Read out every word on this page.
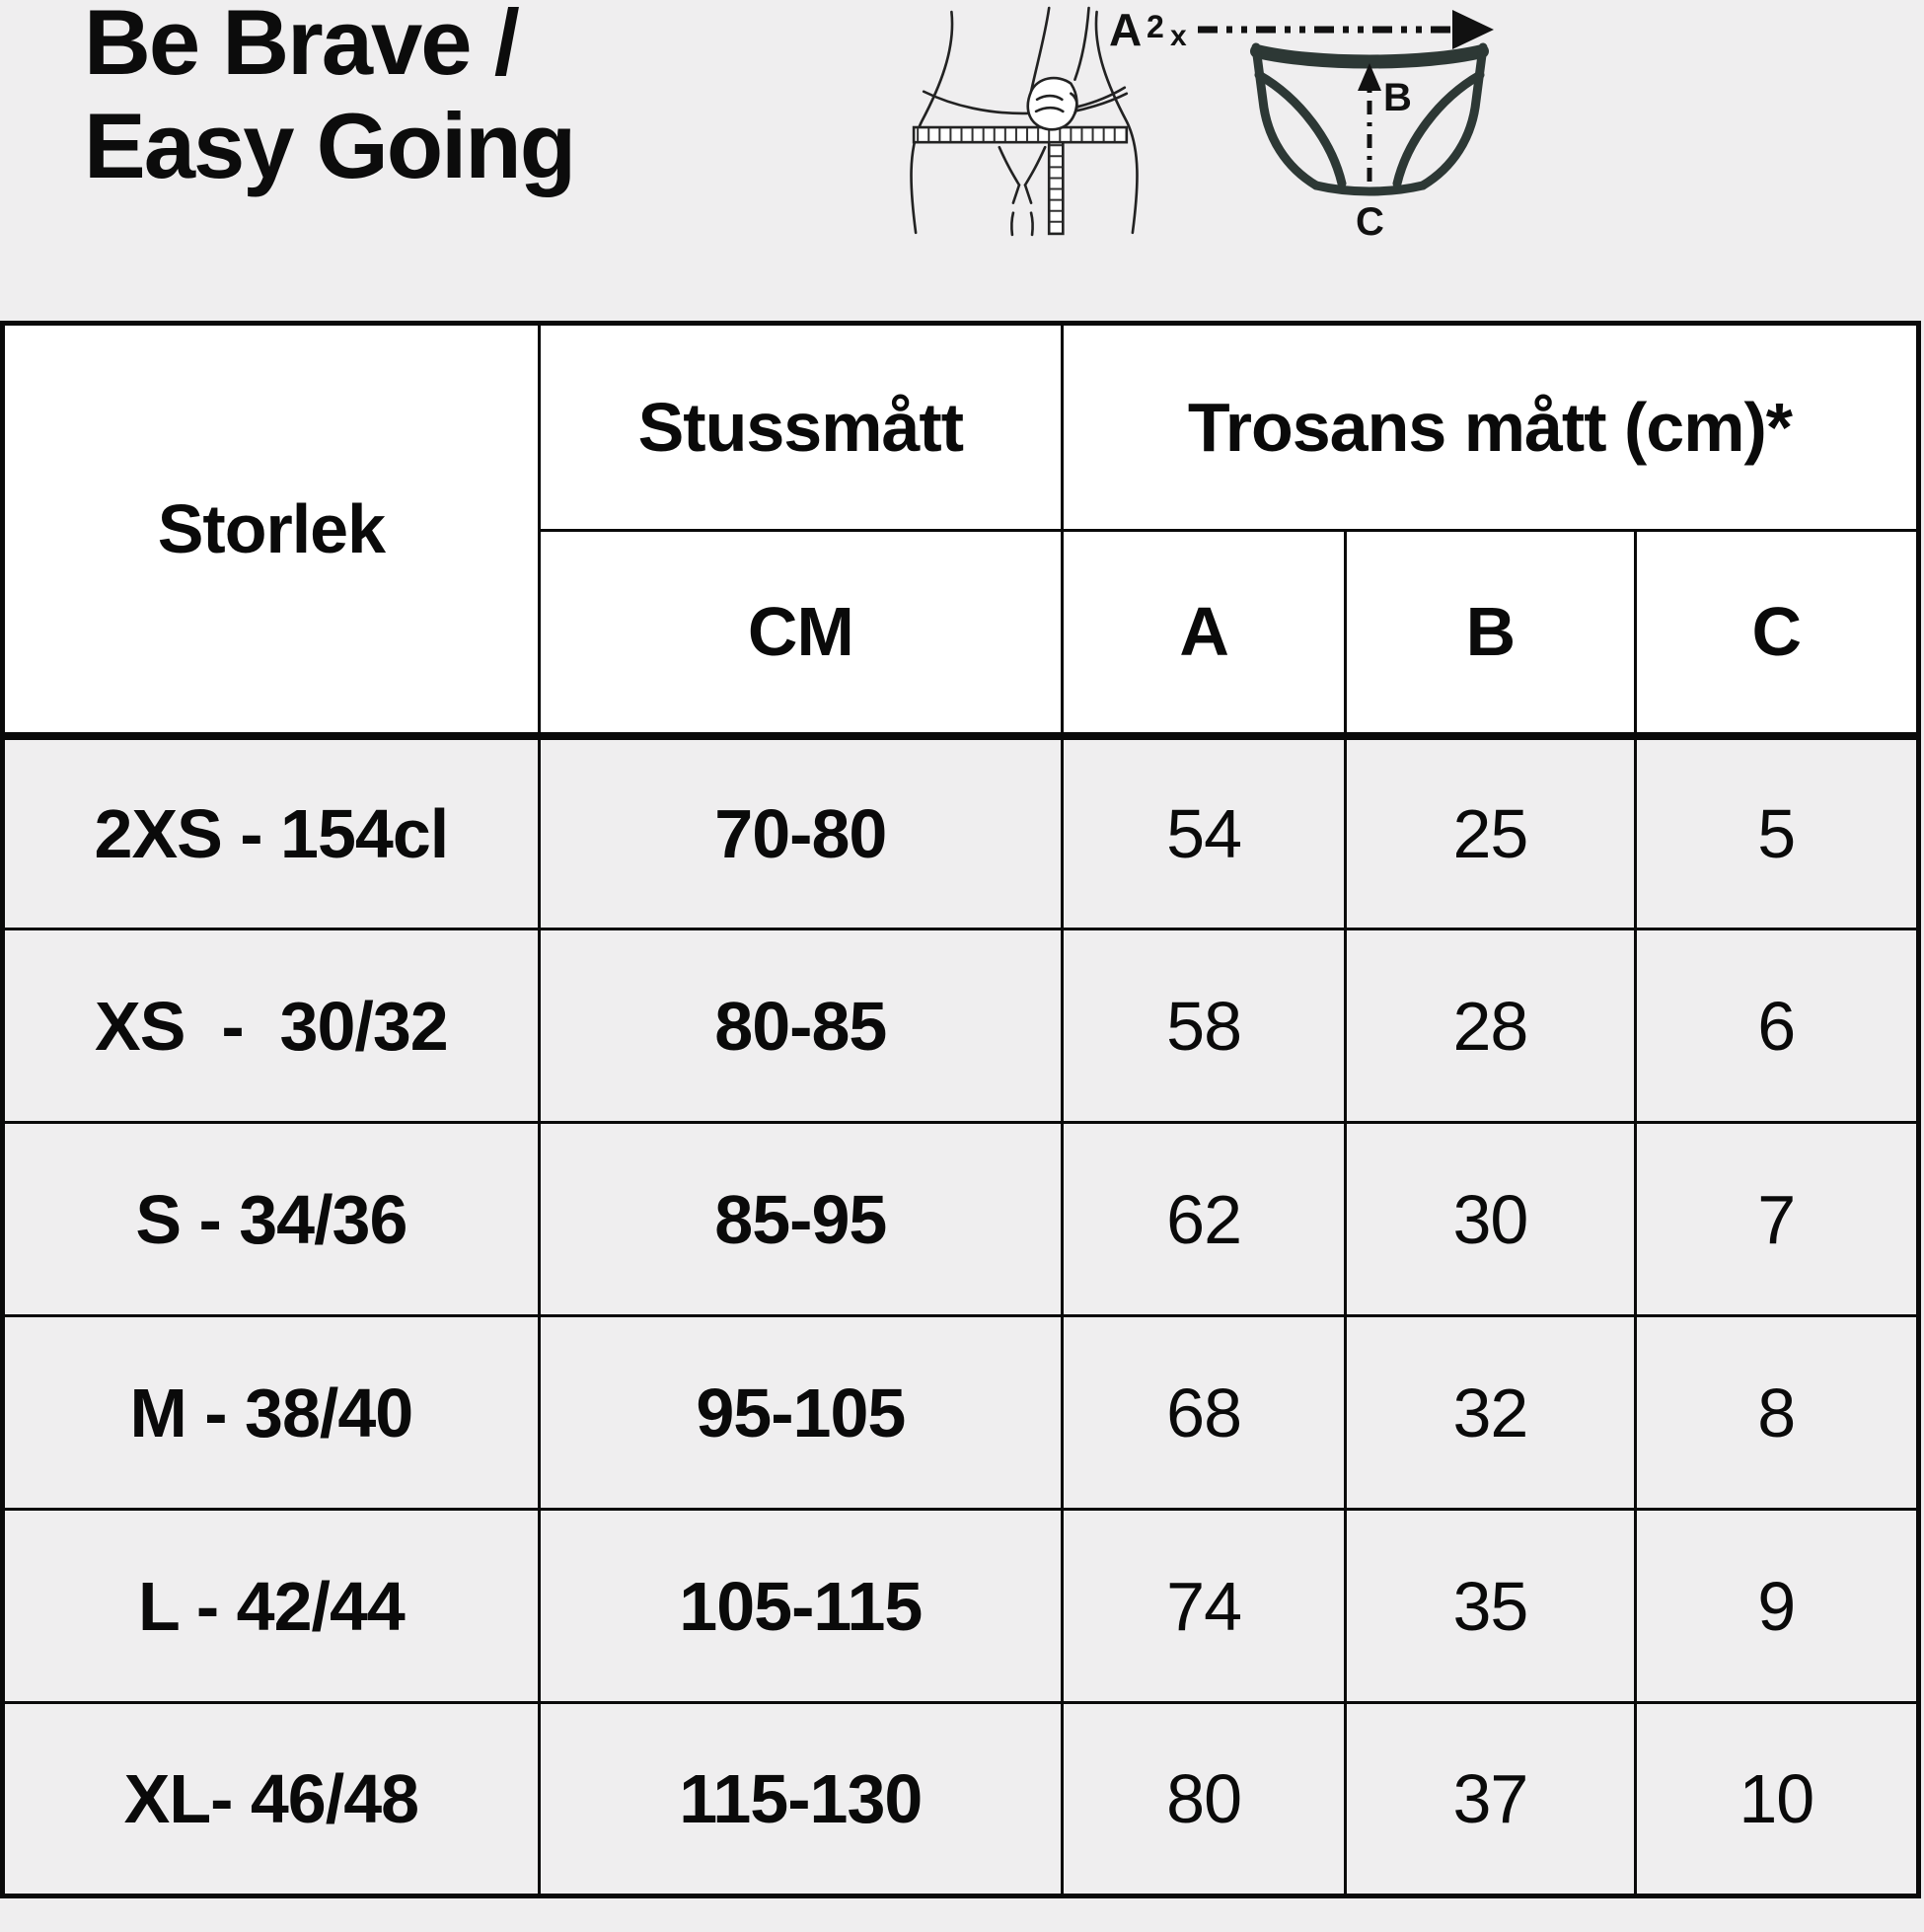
Be Brave /
Easy Going
A 2 x
B
C
Storlek	Stussmått	Trosans mått (cm)*		
	CM	A	B	C
2XS - 154cl	70-80	54	25	5
XS  -  30/32	80-85	58	28	6
S - 34/36	85-95	62	30	7
M - 38/40	95-105	68	32	8
L - 42/44	105-115	74	35	9
XL- 46/48	115-130	80	37	10
